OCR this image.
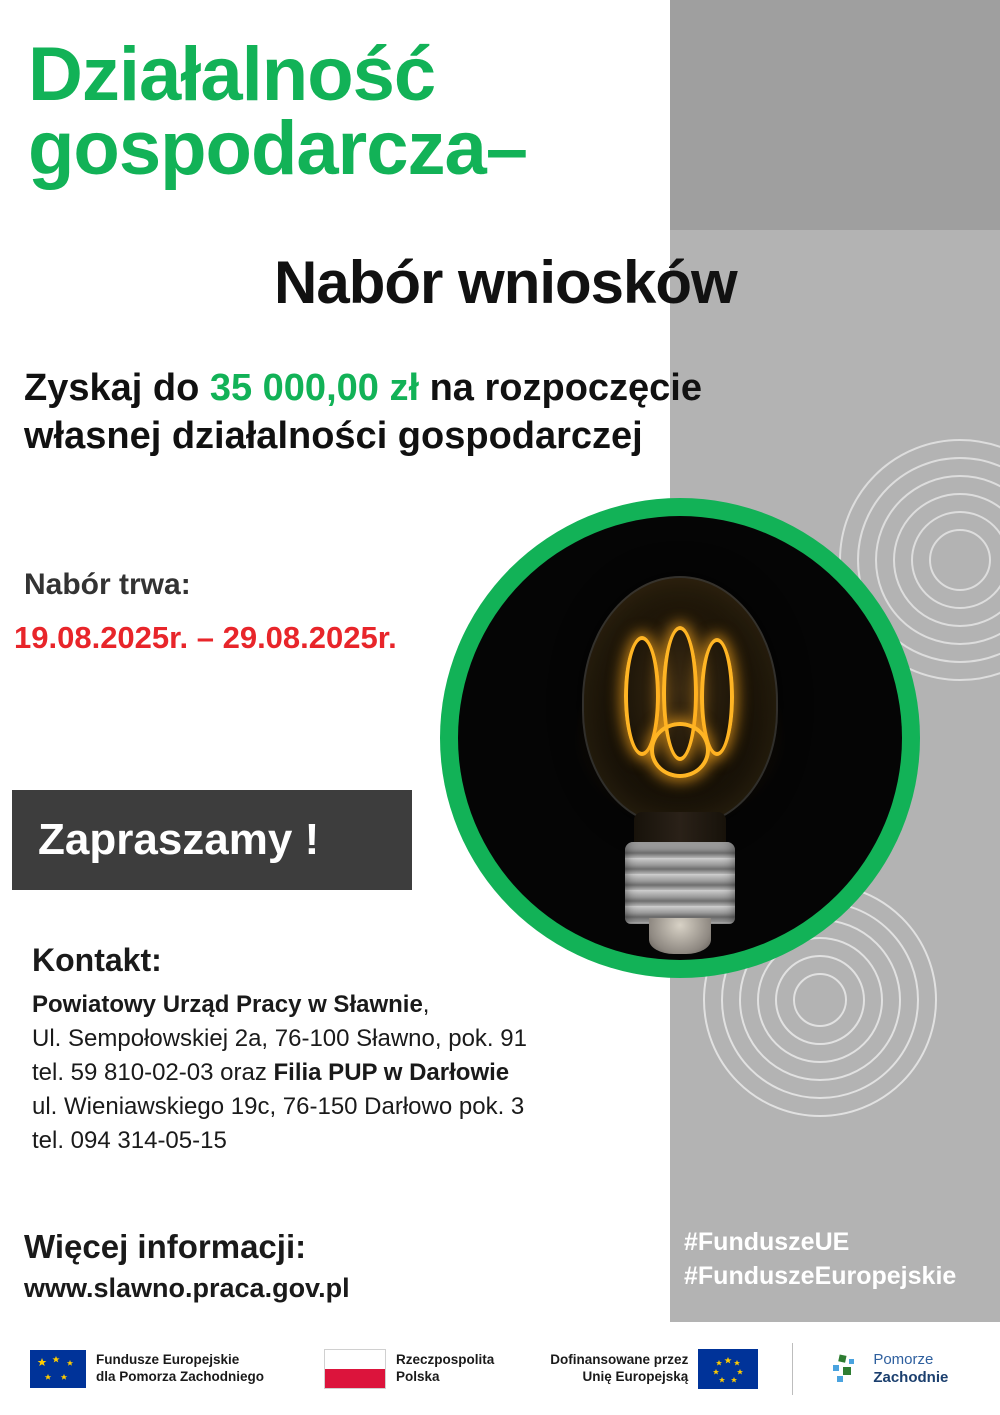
Działalność
gospodarcza–
Nabór wniosków
Zyskaj do 35 000,00 zł na rozpoczęcie
własnej działalności gospodarczej
Nabór trwa:
19.08.2025r. – 29.08.2025r.
Zapraszamy !
Kontakt:
Powiatowy Urząd Pracy w Sławnie,
Ul. Sempołowskiej 2a, 76-100 Sławno, pok. 91
tel. 59 810-02-03 oraz Filia PUP w Darłowie
ul. Wieniawskiego 19c, 76-150 Darłowo pok. 3
tel. 094 314-05-15
Więcej informacji:
www.slawno.praca.gov.pl
#FunduszeUE
#FunduszeEuropejskie
Fundusze Europejskie
dla Pomorza Zachodniego
Rzeczpospolita
Polska
Dofinansowane przez
Unię Europejską
Pomorze
Zachodnie
